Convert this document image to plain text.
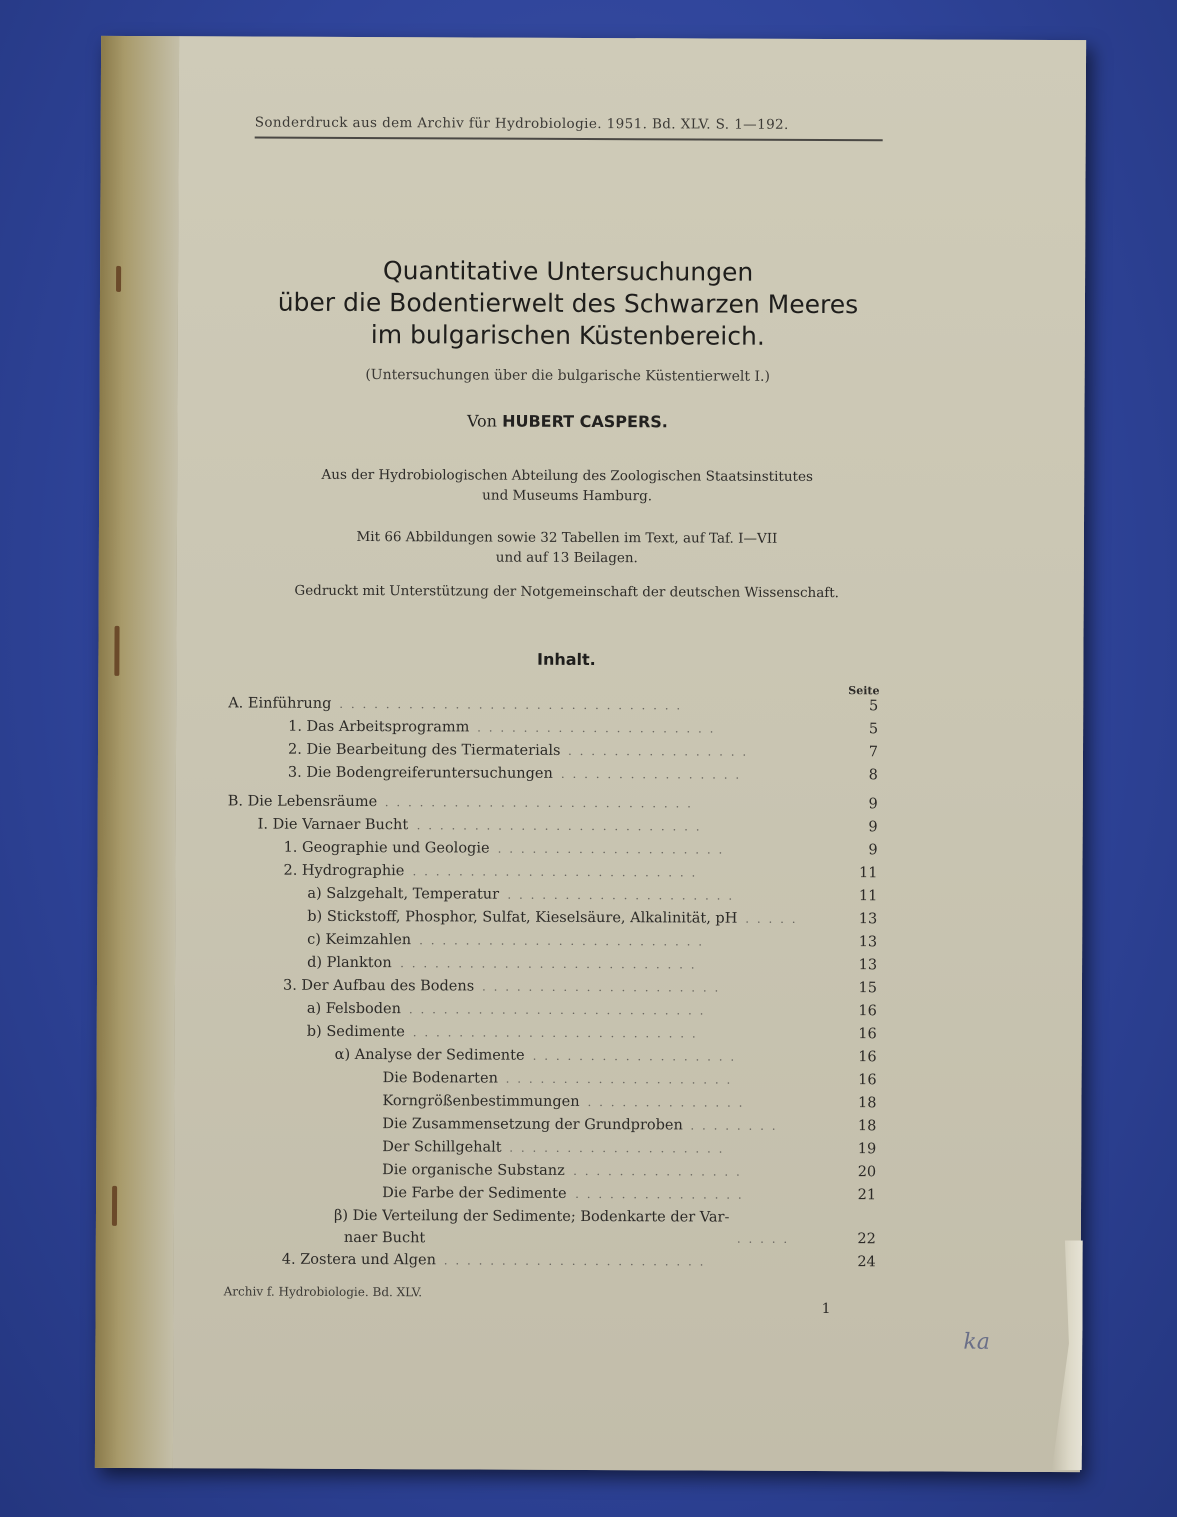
Sonderdruck aus dem Archiv für Hydrobiologie. 1951. Bd. XLV. S. 1—192.
Quantitative Untersuchungen
über die Bodentierwelt des Schwarzen Meeres
im bulgarischen Küstenbereich.
(Untersuchungen über die bulgarische Küstentierwelt I.)
Von HUBERT CASPERS.
Aus der Hydrobiologischen Abteilung des Zoologischen Staatsinstitutes
und Museums Hamburg.
Mit 66 Abbildungen sowie 32 Tabellen im Text, auf Taf. I—VII
und auf 13 Beilagen.
Gedruckt mit Unterstützung der Notgemeinschaft der deutschen Wissenschaft.
Inhalt.
Seite
A. Einführung	5
. . . . . . . . . . . . . . . . . . . . . . . . . . . . . .
1. Das Arbeitsprogramm	5
. . . . . . . . . . . . . . . . . . . . .
2. Die Bearbeitung des Tiermaterials	7
. . . . . . . . . . . . . . . .
3. Die Bodengreiferuntersuchungen	8
. . . . . . . . . . . . . . . .
B. Die Lebensräume	9
. . . . . . . . . . . . . . . . . . . . . . . . . . .
I. Die Varnaer Bucht	9
. . . . . . . . . . . . . . . . . . . . . . . . .
1. Geographie und Geologie	9
. . . . . . . . . . . . . . . . . . . .
2. Hydrographie	11
. . . . . . . . . . . . . . . . . . . . . . . . .
a) Salzgehalt, Temperatur	11
. . . . . . . . . . . . . . . . . . . .
b) Stickstoff, Phosphor, Sulfat, Kieselsäure, Alkalinität, pH	13
. . . . .
c) Keimzahlen	13
. . . . . . . . . . . . . . . . . . . . . . . . .
d) Plankton	13
. . . . . . . . . . . . . . . . . . . . . . . . . .
3. Der Aufbau des Bodens	15
. . . . . . . . . . . . . . . . . . . . .
a) Felsboden	16
. . . . . . . . . . . . . . . . . . . . . . . . . .
b) Sedimente	16
. . . . . . . . . . . . . . . . . . . . . . . . .
α) Analyse der Sedimente	16
. . . . . . . . . . . . . . . . . .
Die Bodenarten	16
. . . . . . . . . . . . . . . . . . . .
Korngrößenbestimmungen	18
. . . . . . . . . . . . . .
Die Zusammensetzung der Grundproben	18
. . . . . . . .
Der Schillgehalt	19
. . . . . . . . . . . . . . . . . . .
Die organische Substanz	20
. . . . . . . . . . . . . . .
Die Farbe der Sedimente	21
. . . . . . . . . . . . . . .
β) Die Verteilung der Sedimente; Bodenkarte der Var-
naer Bucht	22
. . . . .
4. Zostera und Algen	24
. . . . . . . . . . . . . . . . . . . . . . .
Archiv f. Hydrobiologie. Bd. XLV.
1
ka
